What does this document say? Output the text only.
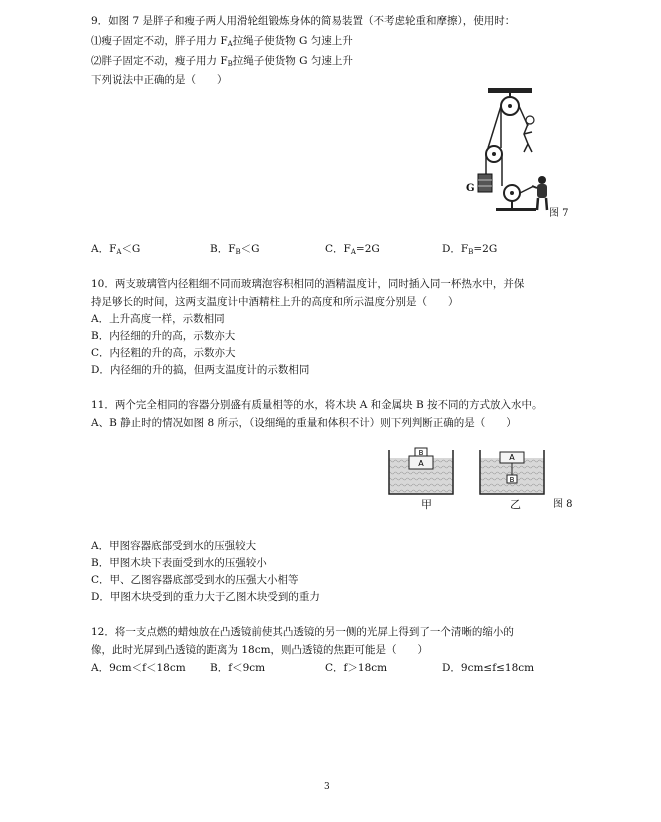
9．如图 7 是胖子和瘦子两人用滑轮组锻炼身体的简易装置（不考虑轮重和摩擦），使用时：
⑴瘦子固定不动，胖子用力 $F_A$拉绳子使货物 G 匀速上升
⑵胖子固定不动，瘦子用力 $F_B$拉绳子使货物 G 匀速上升
下列说法中正确的是（　　）
G
图 7
A．$F_A<G$	B．$F_B<G$	C．$F_A=2G$	D．$F_B=2G$
10．两支玻璃管内径粗细不同而玻璃泡容积相同的酒精温度计，同时插入同一杯热水中，并保
持足够长的时间，这两支温度计中酒精柱上升的高度和所示温度分别是（　　）
A．上升高度一样，示数相同
B．内径细的升的高，示数亦大
C．内径粗的升的高，示数亦大
D．内径细的升的搞，但两支温度计的示数相同
11．两个完全相同的容器分别盛有质量相等的水，将木块 A 和金属块 B 按不同的方式放入水中。
A、B 静止时的情况如图 8 所示，（设细绳的重量和体积不计）则下列判断正确的是（　　）
A
B	A
B
甲	乙	图 8
A．甲图容器底部受到水的压强较大
B．甲图木块下表面受到水的压强较小
C．甲、乙图容器底部受到水的压强大小相等
D．甲图木块受到的重力大于乙图木块受到的重力
12．将一支点燃的蜡烛放在凸透镜前使其凸透镜的另一侧的光屏上得到了一个清晰的缩小的
像，此时光屏到凸透镜的距离为 18cm，则凸透镜的焦距可能是（　　）
A．9cm＜f＜18cm B．f＜9cm	C．f＞18cm	D．9cm≤f≤18cm
3
